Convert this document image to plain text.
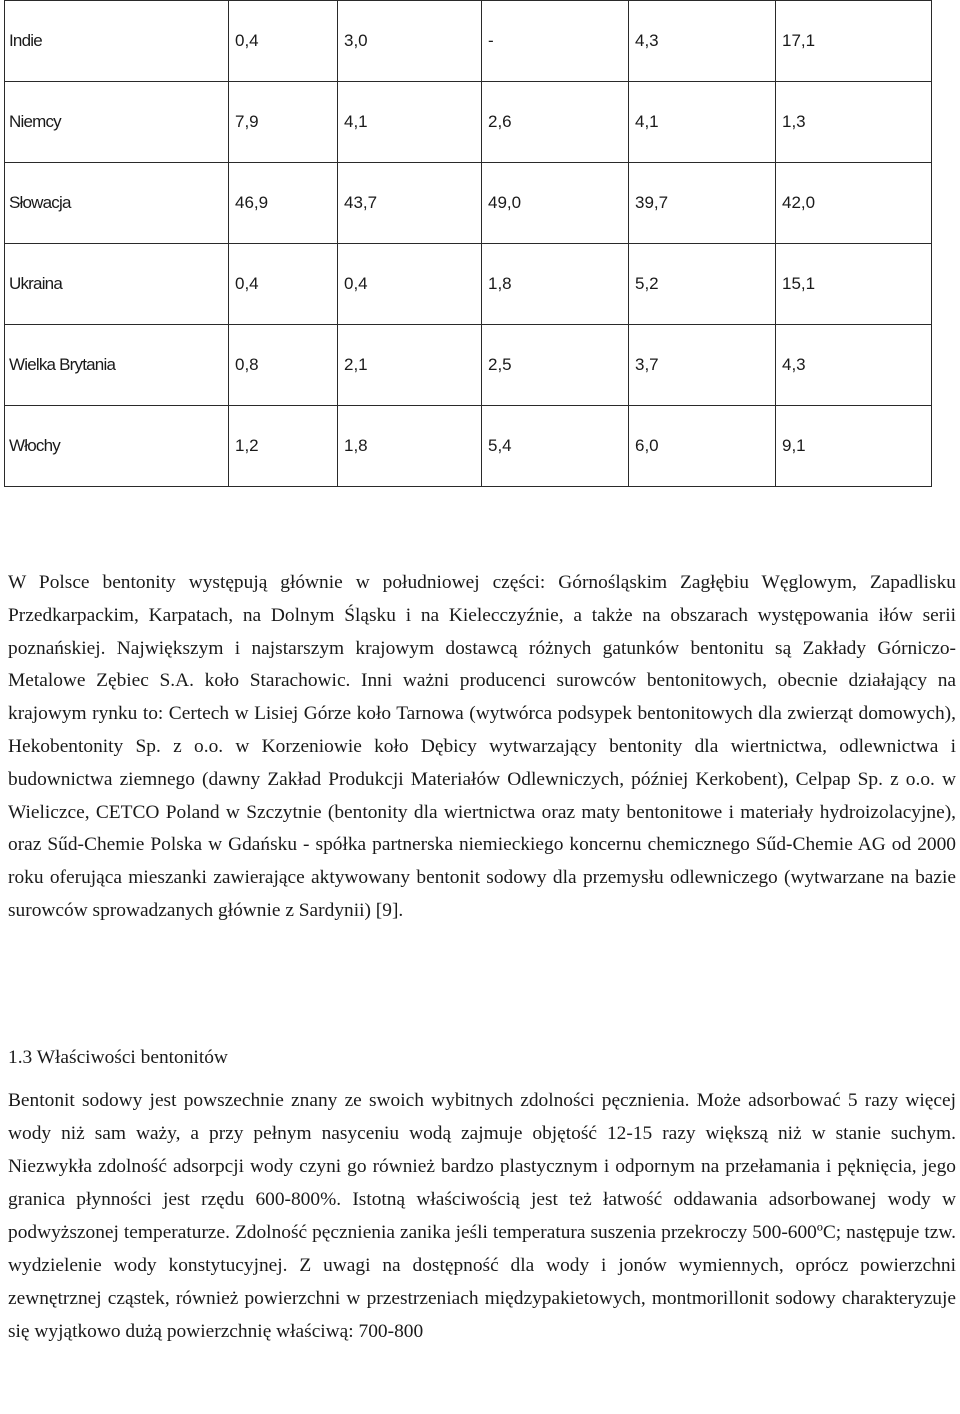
Indie	0,4	3,0	-	4,3	17,1
Niemcy	7,9	4,1	2,6	4,1	1,3
Słowacja	46,9	43,7	49,0	39,7	42,0
Ukraina	0,4	0,4	1,8	5,2	15,1
Wielka Brytania	0,8	2,1	2,5	3,7	4,3
Włochy	1,2	1,8	5,4	6,0	9,1

W Polsce bentonity występują głównie w południowej części: Górnośląskim Zagłębiu Węglowym, Zapadlisku Przedkarpackim, Karpatach, na Dolnym Śląsku i na Kielecczyźnie, a także na obszarach występowania iłów serii poznańskiej. Największym i najstarszym krajowym dostawcą różnych gatunków bentonitu są Zakłady Górniczo-Metalowe Zębiec S.A. koło Starachowic. Inni ważni producenci surowców bentonitowych, obecnie działający na krajowym rynku to: Certech w Lisiej Górze koło Tarnowa (wytwórca podsypek bentonitowych dla zwierząt domowych), Hekobentonity Sp. z o.o. w Korzeniowie koło Dębicy wytwarzający bentonity dla wiertnictwa, odlewnictwa i budownictwa ziemnego (dawny Zakład Produkcji Materiałów Odlewniczych, później Kerkobent), Celpap Sp. z o.o. w Wieliczce, CETCO Poland w Szczytnie (bentonity dla wiertnictwa oraz maty bentonitowe i materiały hydroizolacyjne), oraz Sűd-Chemie Polska w Gdańsku - spółka partnerska niemieckiego koncernu chemicznego Sűd-Chemie AG od 2000 roku oferująca mieszanki zawierające aktywowany bentonit sodowy dla przemysłu odlewniczego (wytwarzane na bazie surowców sprowadzanych głównie z Sardynii) [9].

1.3 Właściwości bentonitów

Bentonit sodowy jest powszechnie znany ze swoich wybitnych zdolności pęcznienia. Może adsorbować 5 razy więcej wody niż sam waży, a przy pełnym nasyceniu wodą zajmuje objętość 12-15 razy większą niż w stanie suchym. Niezwykła zdolność adsorpcji wody czyni go również bardzo plastycznym i odpornym na przełamania i pęknięcia, jego granica płynności jest rzędu 600-800%. Istotną właściwością jest też łatwość oddawania adsorbowanej wody w podwyższonej temperaturze. Zdolność pęcznienia zanika jeśli temperatura suszenia przekroczy 500-600ºC; następuje tzw. wydzielenie wody konstytucyjnej. Z uwagi na dostępność dla wody i jonów wymiennych, oprócz powierzchni zewnętrznej cząstek, również powierzchni w przestrzeniach międzypakietowych, montmorillonit sodowy charakteryzuje się wyjątkowo dużą powierzchnię właściwą: 700-800
